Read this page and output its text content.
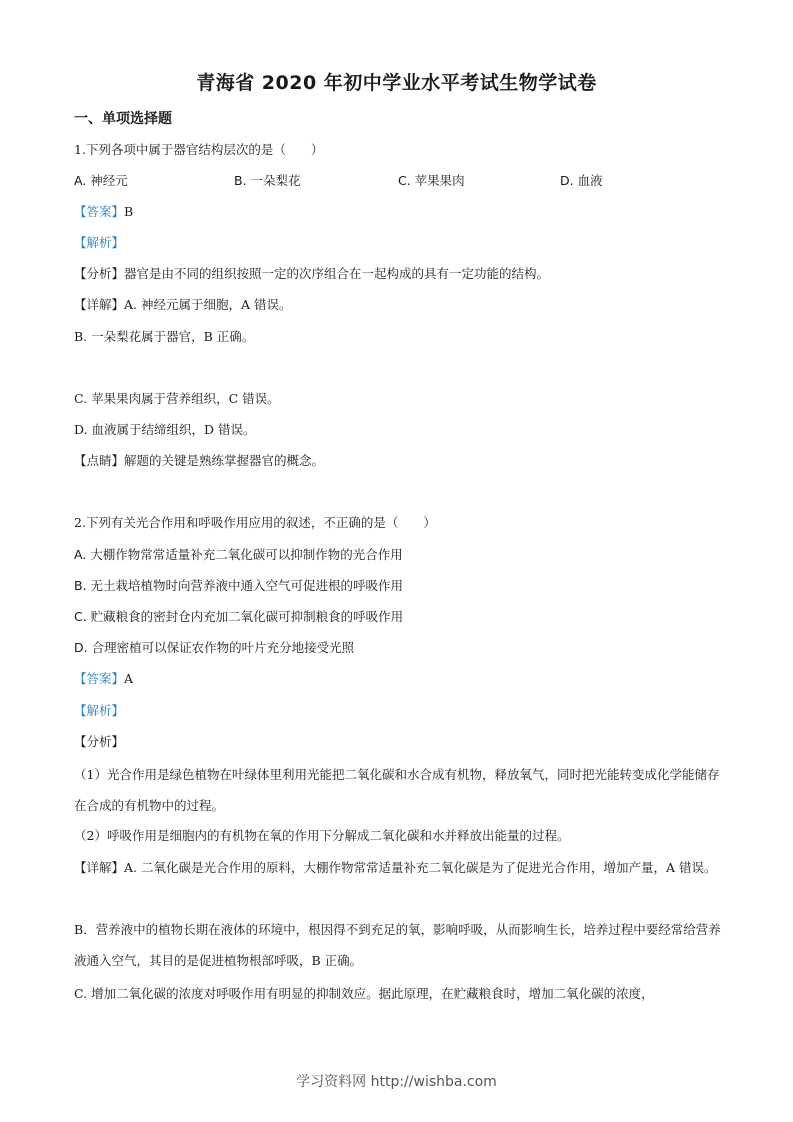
青海省 2020 年初中学业水平考试生物学试卷
一、单项选择题
1.下列各项中属于器官结构层次的是（　　）
A. 神经元	B. 一朵梨花	C. 苹果果肉	D. 血液
【答案】B
【解析】
【分析】器官是由不同的组织按照一定的次序组合在一起构成的具有一定功能的结构。
【详解】A. 神经元属于细胞，A 错误。
B. 一朵梨花属于器官，B 正确。
C. 苹果果肉属于营养组织，C 错误。
D. 血液属于结缔组织，D 错误。
【点睛】解题的关键是熟练掌握器官的概念。
2.下列有关光合作用和呼吸作用应用的叙述，不正确的是（　　）
A. 大棚作物常常适量补充二氧化碳可以抑制作物的光合作用
B. 无土栽培植物时向营养液中通入空气可促进根的呼吸作用
C. 贮藏粮食的密封仓内充加二氧化碳可抑制粮食的呼吸作用
D. 合理密植可以保证农作物的叶片充分地接受光照
【答案】A
【解析】
【分析】
（1）光合作用是绿色植物在叶绿体里利用光能把二氧化碳和水合成有机物，释放氧气，同时把光能转变成化学能储存在合成的有机物中的过程。
（2）呼吸作用是细胞内的有机物在氧的作用下分解成二氧化碳和水并释放出能量的过程。
【详解】A. 二氧化碳是光合作用的原料，大棚作物常常适量补充二氧化碳是为了促进光合作用，增加产量，A 错误。
B．营养液中的植物长期在液体的环境中，根因得不到充足的氧，影响呼吸，从而影响生长，培养过程中要经常给营养液通入空气，其目的是促进植物根部呼吸，B 正确。
C. 增加二氧化碳的浓度对呼吸作用有明显的抑制效应。据此原理，在贮藏粮食时，增加二氧化碳的浓度，
学习资料网 http://wishba.com
